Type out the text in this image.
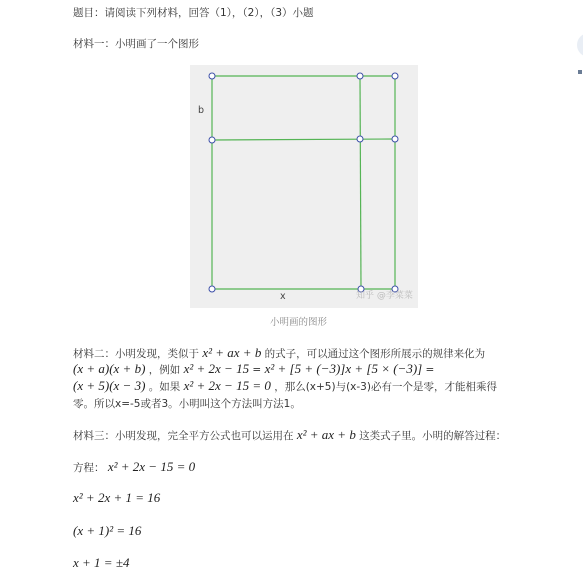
题目：请阅读下列材料，回答（1），（2），（3）小题
材料一：小明画了一个图形
b
x	知乎 @李菜菜
小明画的图形
材料二：小明发现，类似于 x² + ax + b 的式子，可以通过这个图形所展示的规律来化为
(x + a)(x + b) ，例如 x² + 2x − 15 = x² + [5 + (−3)]x + [5 × (−3)] =
(x + 5)(x − 3) 。如果 x² + 2x − 15 = 0 ，那么(x+5)与(x-3)必有一个是零，才能相乘得
零。所以x=-5或者3。小明叫这个方法叫方法1。
材料三：小明发现，完全平方公式也可以运用在 x² + ax + b 这类式子里。小明的解答过程：
方程： x² + 2x − 15 = 0
x² + 2x + 1 = 16
(x + 1)² = 16
x + 1 = ±4
